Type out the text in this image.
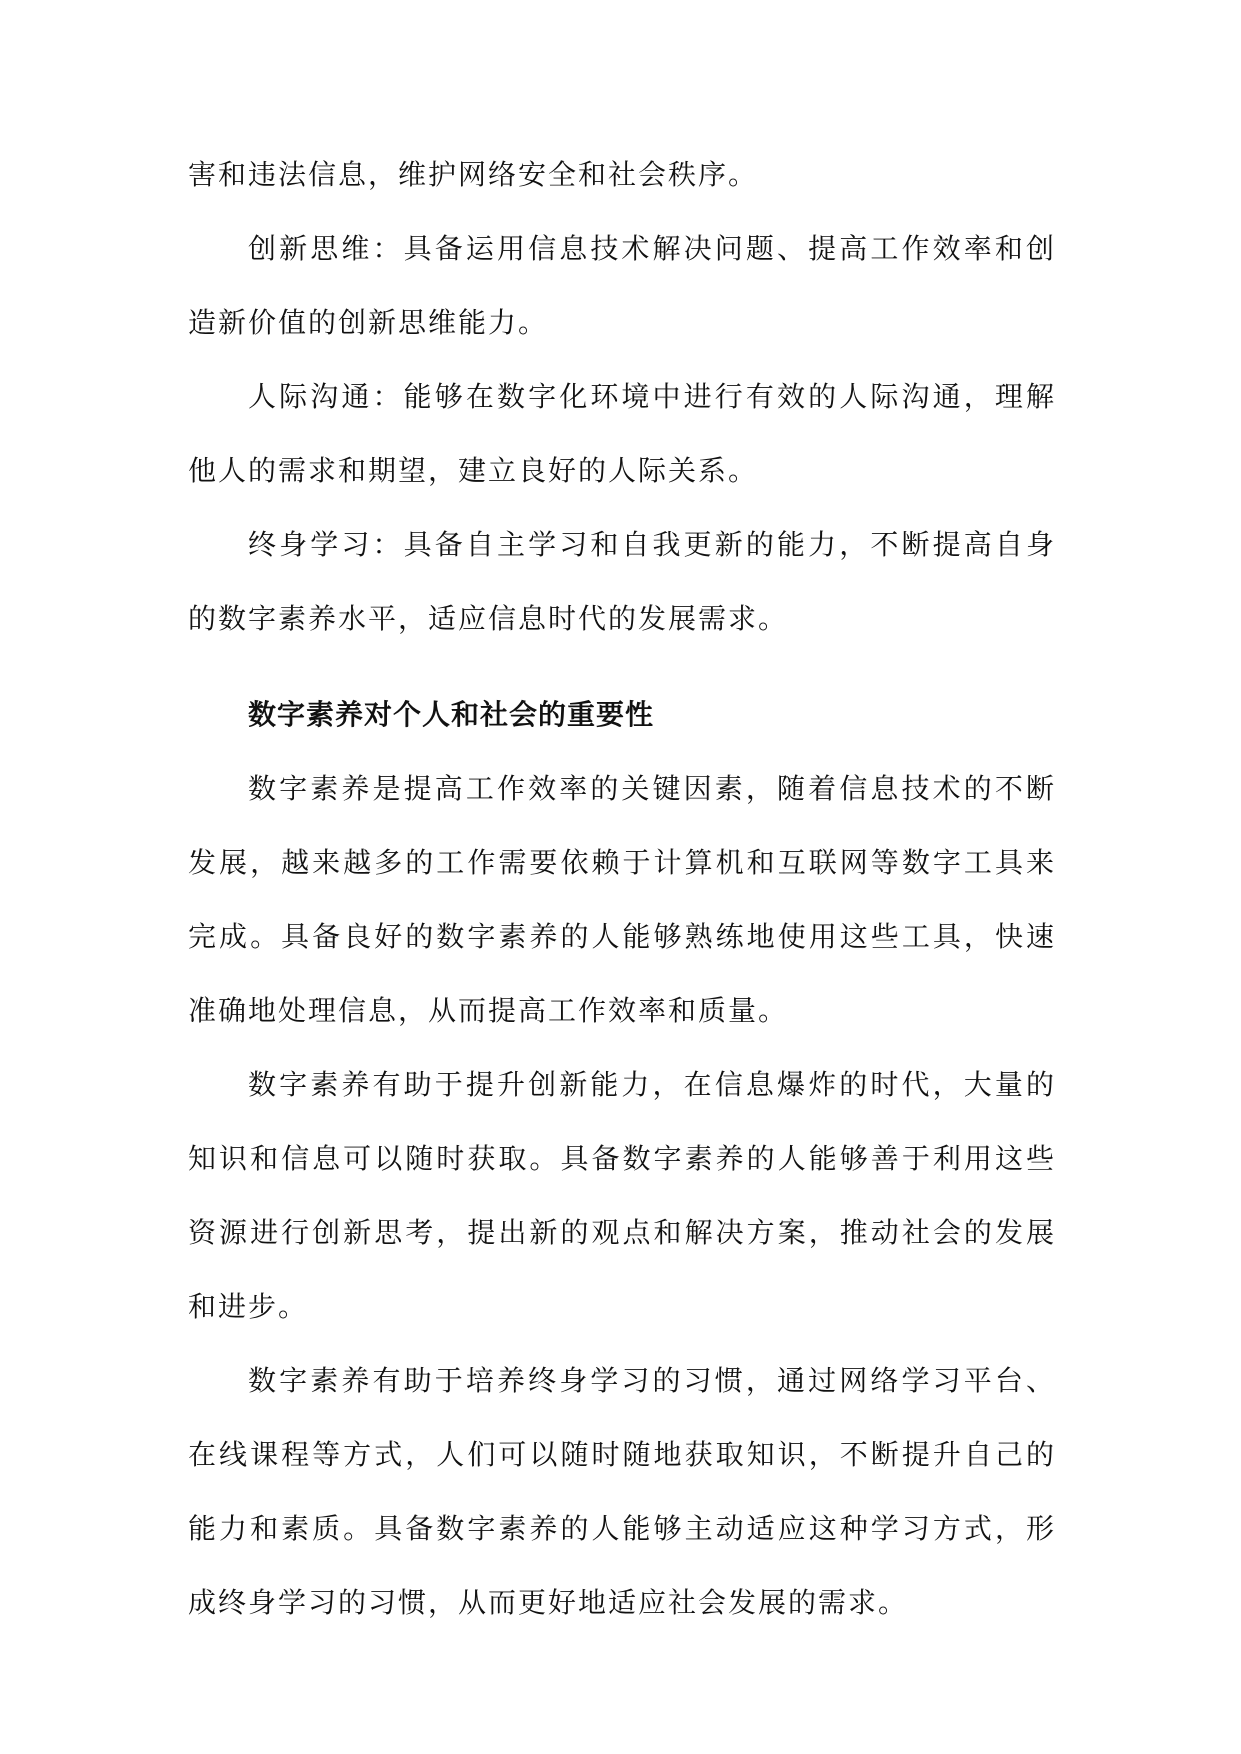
害和违法信息，维护网络安全和社会秩序。

创新思维：具备运用信息技术解决问题、提高工作效率和创造新价值的创新思维能力。

人际沟通：能够在数字化环境中进行有效的人际沟通，理解他人的需求和期望，建立良好的人际关系。

终身学习：具备自主学习和自我更新的能力，不断提高自身的数字素养水平，适应信息时代的发展需求。

数字素养对个人和社会的重要性

数字素养是提高工作效率的关键因素，随着信息技术的不断发展，越来越多的工作需要依赖于计算机和互联网等数字工具来完成。具备良好的数字素养的人能够熟练地使用这些工具，快速准确地处理信息，从而提高工作效率和质量。

数字素养有助于提升创新能力，在信息爆炸的时代，大量的知识和信息可以随时获取。具备数字素养的人能够善于利用这些资源进行创新思考，提出新的观点和解决方案，推动社会的发展和进步。

数字素养有助于培养终身学习的习惯，通过网络学习平台、在线课程等方式，人们可以随时随地获取知识，不断提升自己的能力和素质。具备数字素养的人能够主动适应这种学习方式，形成终身学习的习惯，从而更好地适应社会发展的需求。
